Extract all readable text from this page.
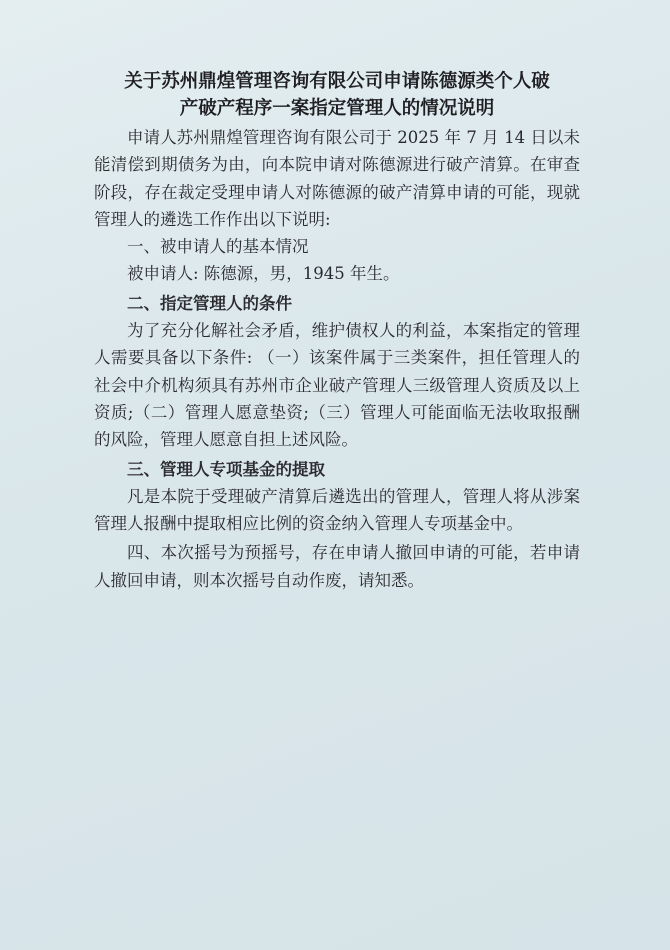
关于苏州鼎煌管理咨询有限公司申请陈德源类个人破
产破产程序一案指定管理人的情况说明

申请人苏州鼎煌管理咨询有限公司于 2025 年 7 月 14 日以未能清偿到期债务为由，向本院申请对陈德源进行破产清算。在审查阶段，存在裁定受理申请人对陈德源的破产清算申请的可能，现就管理人的遴选工作作出以下说明:

一、被申请人的基本情况

被申请人: 陈德源，男，1945 年生。

二、指定管理人的条件

为了充分化解社会矛盾，维护债权人的利益，本案指定的管理人需要具备以下条件: （一）该案件属于三类案件，担任管理人的社会中介机构须具有苏州市企业破产管理人三级管理人资质及以上资质;（二）管理人愿意垫资;（三）管理人可能面临无法收取报酬的风险，管理人愿意自担上述风险。

三、管理人专项基金的提取

凡是本院于受理破产清算后遴选出的管理人，管理人将从涉案管理人报酬中提取相应比例的资金纳入管理人专项基金中。

四、本次摇号为预摇号，存在申请人撤回申请的可能，若申请人撤回申请，则本次摇号自动作废，请知悉。
